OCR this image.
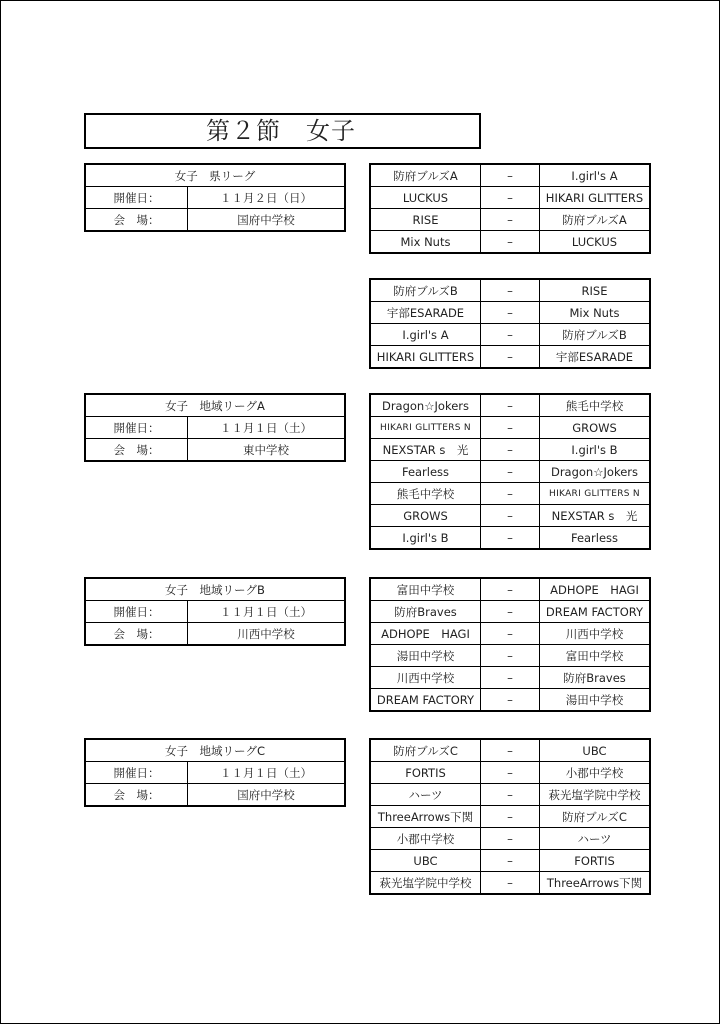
第２節　女子
女子　県リーグ	
開催日：	１１月２日（日）
会　場：	国府中学校
防府ブルズA	–	I.girl's A
LUCKUS	–	HIKARI GLITTERS
RISE	–	防府ブルズA
Mix Nuts	–	LUCKUS
防府ブルズB	–	RISE
宇部ESARADE	–	Mix Nuts
I.girl's A	–	防府ブルズB
HIKARI GLITTERS	–	宇部ESARADE
女子　地域リーグA	
開催日：	１１月１日（土）
会　場：	東中学校
Dragon☆Jokers	–	熊毛中学校
HIKARI GLITTERS N	–	GROWS
NEXSTAR s　光	–	I.girl's B
Fearless	–	Dragon☆Jokers
熊毛中学校	–	HIKARI GLITTERS N
GROWS	–	NEXSTAR s　光
I.girl's B	–	Fearless
女子　地域リーグB	
開催日：	１１月１日（土）
会　場：	川西中学校
富田中学校	–	ADHOPE　HAGI
防府Braves	–	DREAM FACTORY
ADHOPE　HAGI	–	川西中学校
湯田中学校	–	富田中学校
川西中学校	–	防府Braves
DREAM FACTORY	–	湯田中学校
女子　地域リーグC	
開催日：	１１月１日（土）
会　場：	国府中学校
防府ブルズC	–	UBC
FORTIS	–	小郡中学校
ハーツ	–	萩光塩学院中学校
ThreeArrows下関	–	防府ブルズC
小郡中学校	–	ハーツ
UBC	–	FORTIS
萩光塩学院中学校	–	ThreeArrows下関
